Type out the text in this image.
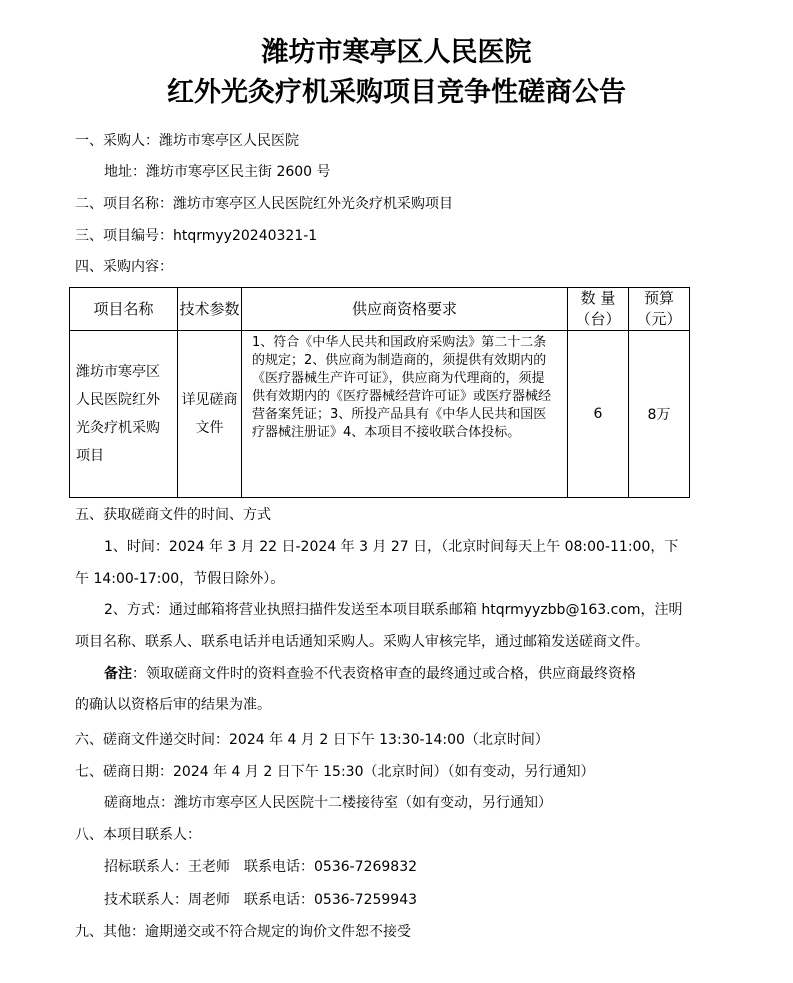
潍坊市寒亭区人民医院
红外光灸疗机采购项目竞争性磋商公告
一、采购人：潍坊市寒亭区人民医院
地址：潍坊市寒亭区民主街 2600 号
二、项目名称：潍坊市寒亭区人民医院红外光灸疗机采购项目
三、项目编号：htqrmyy20240321-1
四、采购内容：
项目名称	技术参数	供应商资格要求	数 量（台）	预算（元）
潍坊市寒亭区人民医院红外光灸疗机采购项目	详见磋商文件	1、符合《中华人民共和国政府采购法》第二十二条的规定；2、供应商为制造商的，须提供有效期内的《医疗器械生产许可证》，供应商为代理商的，须提供有效期内的《医疗器械经营许可证》或医疗器械经营备案凭证；3、所投产品具有《中华人民共和国医疗器械注册证》4、本项目不接收联合体投标。	6	8万
五、获取磋商文件的时间、方式
1、时间：2024 年 3 月 22 日-2024 年 3 月 27 日，（北京时间每天上午 08:00-11:00，下
午 14:00-17:00，节假日除外）。
2、方式：通过邮箱将营业执照扫描件发送至本项目联系邮箱 htqrmyyzbb@163.com，注明
项目名称、联系人、联系电话并电话通知采购人。采购人审核完毕，通过邮箱发送磋商文件。
备注：领取磋商文件时的资料查验不代表资格审查的最终通过或合格，供应商最终资格
的确认以资格后审的结果为准。
六、磋商文件递交时间：2024 年 4 月 2 日下午 13:30-14:00（北京时间）
七、磋商日期：2024 年 4 月 2 日下午 15:30（北京时间）（如有变动，另行通知）
磋商地点：潍坊市寒亭区人民医院十二楼接待室（如有变动，另行通知）
八、本项目联系人：
招标联系人：王老师　联系电话：0536-7269832
技术联系人：周老师　联系电话：0536-7259943
九、其他：逾期递交或不符合规定的询价文件恕不接受
